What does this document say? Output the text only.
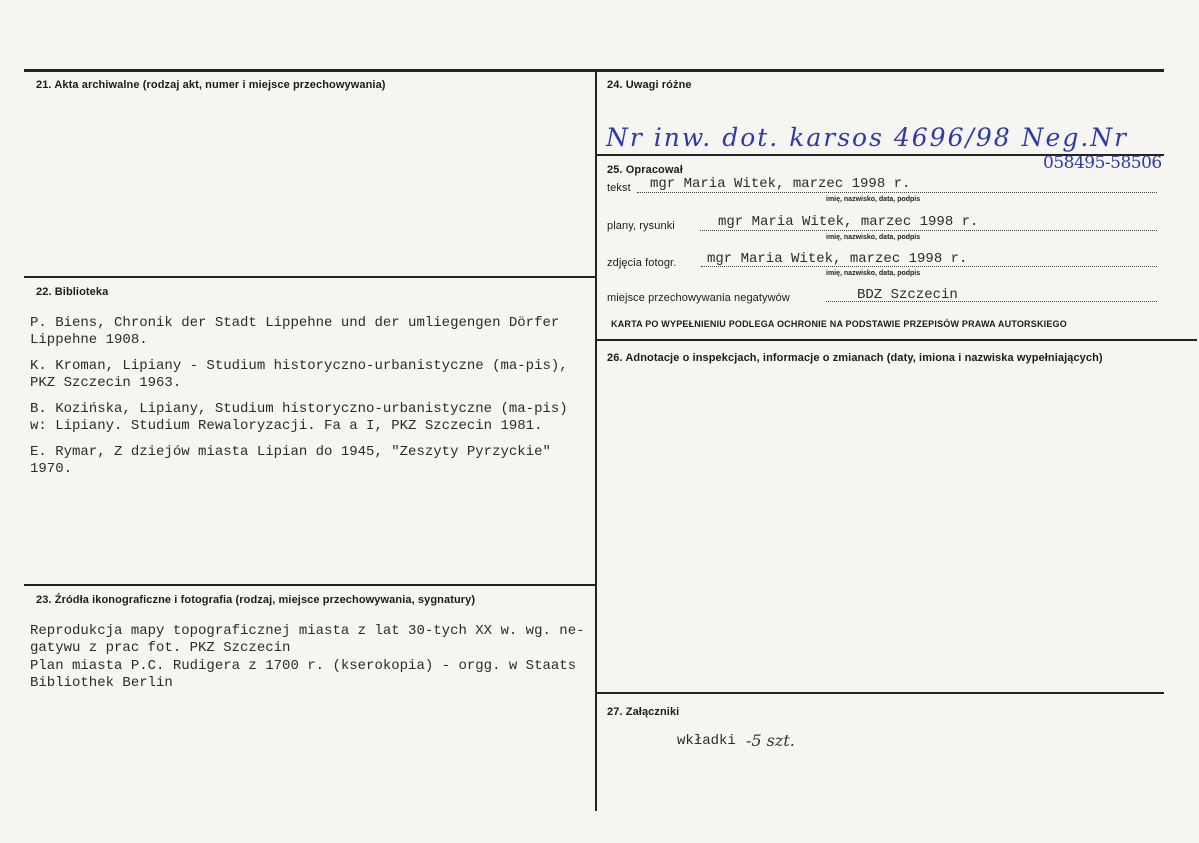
21. Akta archiwalne (rodzaj akt, numer i miejsce przechowywania)
22. Biblioteka
P. Biens, Chronik der Stadt Lippehne und der umliegengen Dörfer
Lippehne 1908.
K. Kroman, Lipiany - Studium historyczno-urbanistyczne (ma-pis),
PKZ Szczecin 1963.
B. Kozińska, Lipiany, Studium historyczno-urbanistyczne (ma-pis)
w: Lipiany. Studium Rewaloryzacji. Fa a I, PKZ Szczecin 1981.
E. Rymar, Z dziejów miasta Lipian do 1945, "Zeszyty Pyrzyckie"
1970.
23. Źródła ikonograficzne i fotografia (rodzaj, miejsce przechowywania, sygnatury)
Reprodukcja mapy topograficznej miasta z lat 30-tych XX w. wg. ne-
gatywu z prac fot. PKZ Szczecin
Plan miasta P.C. Rudigera z 1700 r. (kserokopia) - orgg. w Staats
Bibliothek Berlin
24. Uwagi różne
Nr inw. dot. karsos 4696/98 Neg.Nr
058495-58506
25. Opracował
tekst mgr Maria Witek, marzec 1998 r.
imię, nazwisko, data, podpis
plany, rysunki	mgr Maria Witek, marzec 1998 r.
imię, nazwisko, data, podpis
zdjęcia fotogr. mgr Maria Witek, marzec 1998 r.
imię, nazwisko, data, podpis
miejsce przechowywania negatywów	BDZ Szczecin
KARTA PO WYPEŁNIENIU PODLEGA OCHRONIE NA PODSTAWIE PRZEPISÓW PRAWA AUTORSKIEGO
26. Adnotacje o inspekcjach, informacje o zmianach (daty, imiona i nazwiska wypełniających)
27. Załączniki
wkładki -5 szt.
